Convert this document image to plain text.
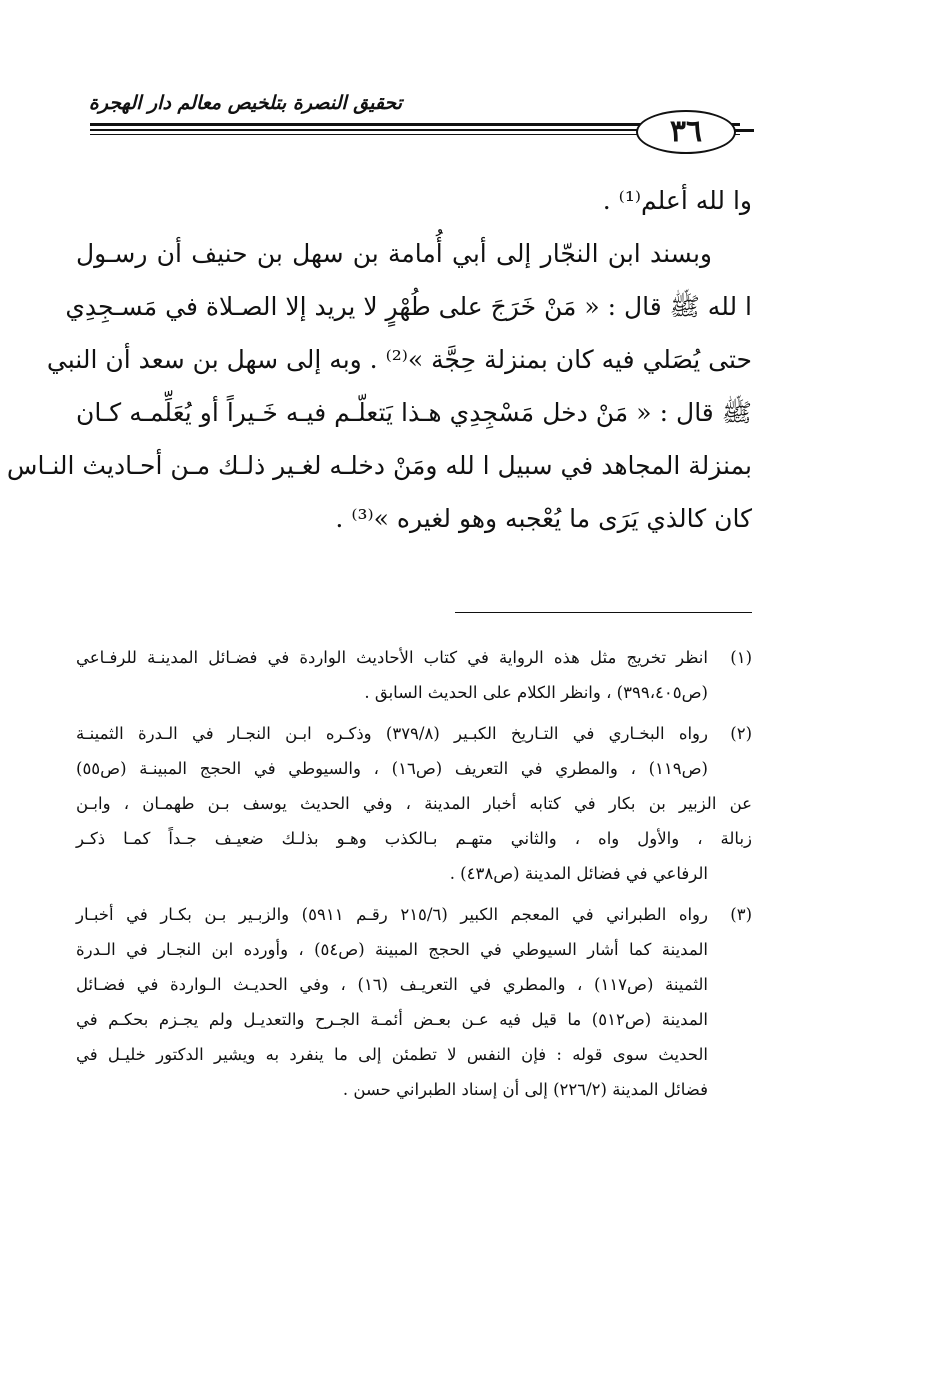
تحقيق النصرة بتلخيص معالم دار الهجرة
٣٦

وا لله أعلم⁽¹⁾ .

وبسند ابن النجّار إلى أبي أُمامة بن سهل بن حنيف أن رسـول

ا لله ﷺ قال : « مَنْ خَرَجَ على طُهْرٍ لا يريد إلا الصـلاة في مَسـجِدِي

حتى يُصَلي فيه كان بمنزلة حِجَّة »⁽²⁾ . وبه إلى سهل بن سعد أن النبي

ﷺ قال : « مَنْ دخل مَسْجِدِي هـذا يَتعلّـم فيـه خَـيراً أو يُعَلِّمـه كـان

بمنزلة المجاهد في سبيل ا لله ومَنْ دخلـه لغـير ذلـك مـن أحـاديث النـاس

كان كالذي يَرَى ما يُعْجبه وهو لغيره »⁽³⁾ .

(١)
انظر تخريج مثل هذه الرواية في كتاب الأحاديث الواردة في فضـائل المدينـة للرفـاعي
(ص٣٩٩،٤٠٥) ، وانظر الكلام على الحديث السابق .
(٢)
رواه البخـاري في التـاريخ الكبـير (٣٧٩/٨) وذكـره ابـن النجـار في الـدرة الثمينـة
(ص١١٩) ، والمطري في التعريف (ص١٦) ، والسيوطي في الحجج المبينـة (ص٥٥)
عن الزبير بن بكار في كتابه أخبار المدينة ، وفي الحديث يوسف بـن طهمـان ، وابـن
زبالة ، والأول واه ، والثاني متهـم بـالكذب وهـو بذلـك ضعيـف جـداً كمـا ذكـر
الرفاعي في فضائل المدينة (ص٤٣٨) .
(٣)
رواه الطبراني في المعجم الكبير (٢١٥/٦ رقـم ٥٩١١) والزبـير بـن بكـار في أخبـار
المدينة كما أشار السيوطي في الحجج المبينة (ص٥٤) ، وأورده ابن النجـار في الـدرة
الثمينة (ص١١٧) ، والمطري في التعريـف (١٦) ، وفي الحديـث الـواردة في فضـائل
المدينة (ص٥١٢) ما قيل فيه عـن بعـض أئمـة الجـرح والتعديـل ولم يجـزم بحكـم في
الحديث سوى قوله : فإن النفس لا تطمئن إلى ما ينفرد به ويشير الدكتور خليـل في
فضائل المدينة (٢٢٦/٢) إلى أن إسناد الطبراني حسن .
